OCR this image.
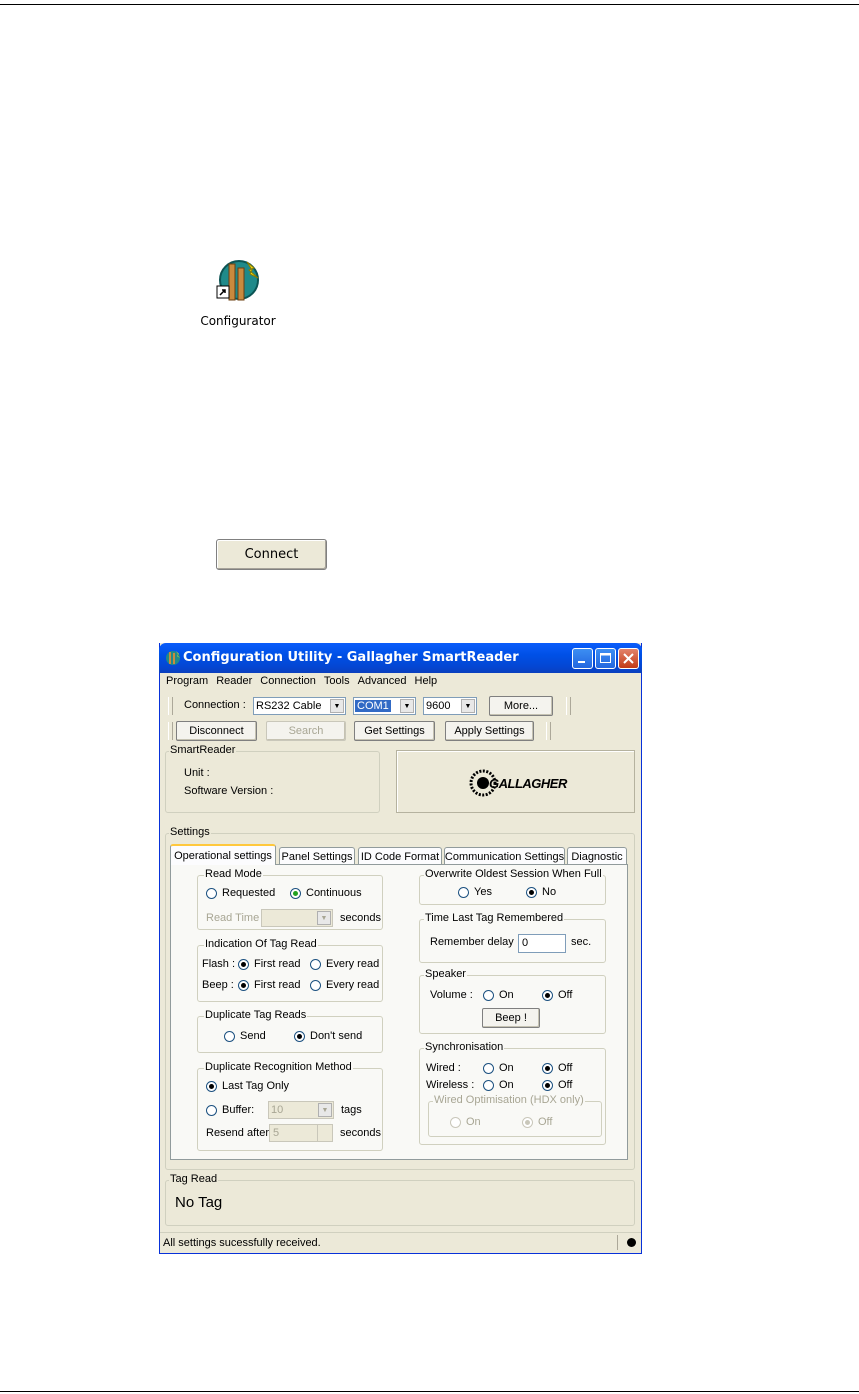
Configurator
Connect
Configuration Utility - Gallagher SmartReader
Program Reader Connection Tools Advanced Help
Connection : RS232 Cable	▼	COM1	▼	9600	▼	More...
Disconnect	Search	Get Settings	Apply Settings
SmartReader
Unit :
Software Version :	GALLAGHER
Settings
Operational settings Panel Settings ID Code Format Communication Settings Diagnostic
Read Mode
Requested	Continuous
Read Time	▼	seconds
Indication Of Tag Read
Flash : First read Every read
Beep : First read Every read
Duplicate Tag Reads
Send	Don't send
Duplicate Recognition Method
Last Tag Only
Buffer: 10	▼	tags
Resend after 5	seconds
Overwrite Oldest Session When Full
Yes	No
Time Last Tag Remembered
Remember delay 0	sec.
Speaker
Volume : On	Off
Beep !
Synchronisation
Wired :	On	Off
Wireless : On	Off
Wired Optimisation (HDX only)
On	Off
Tag Read
No Tag
All settings sucessfully received.
